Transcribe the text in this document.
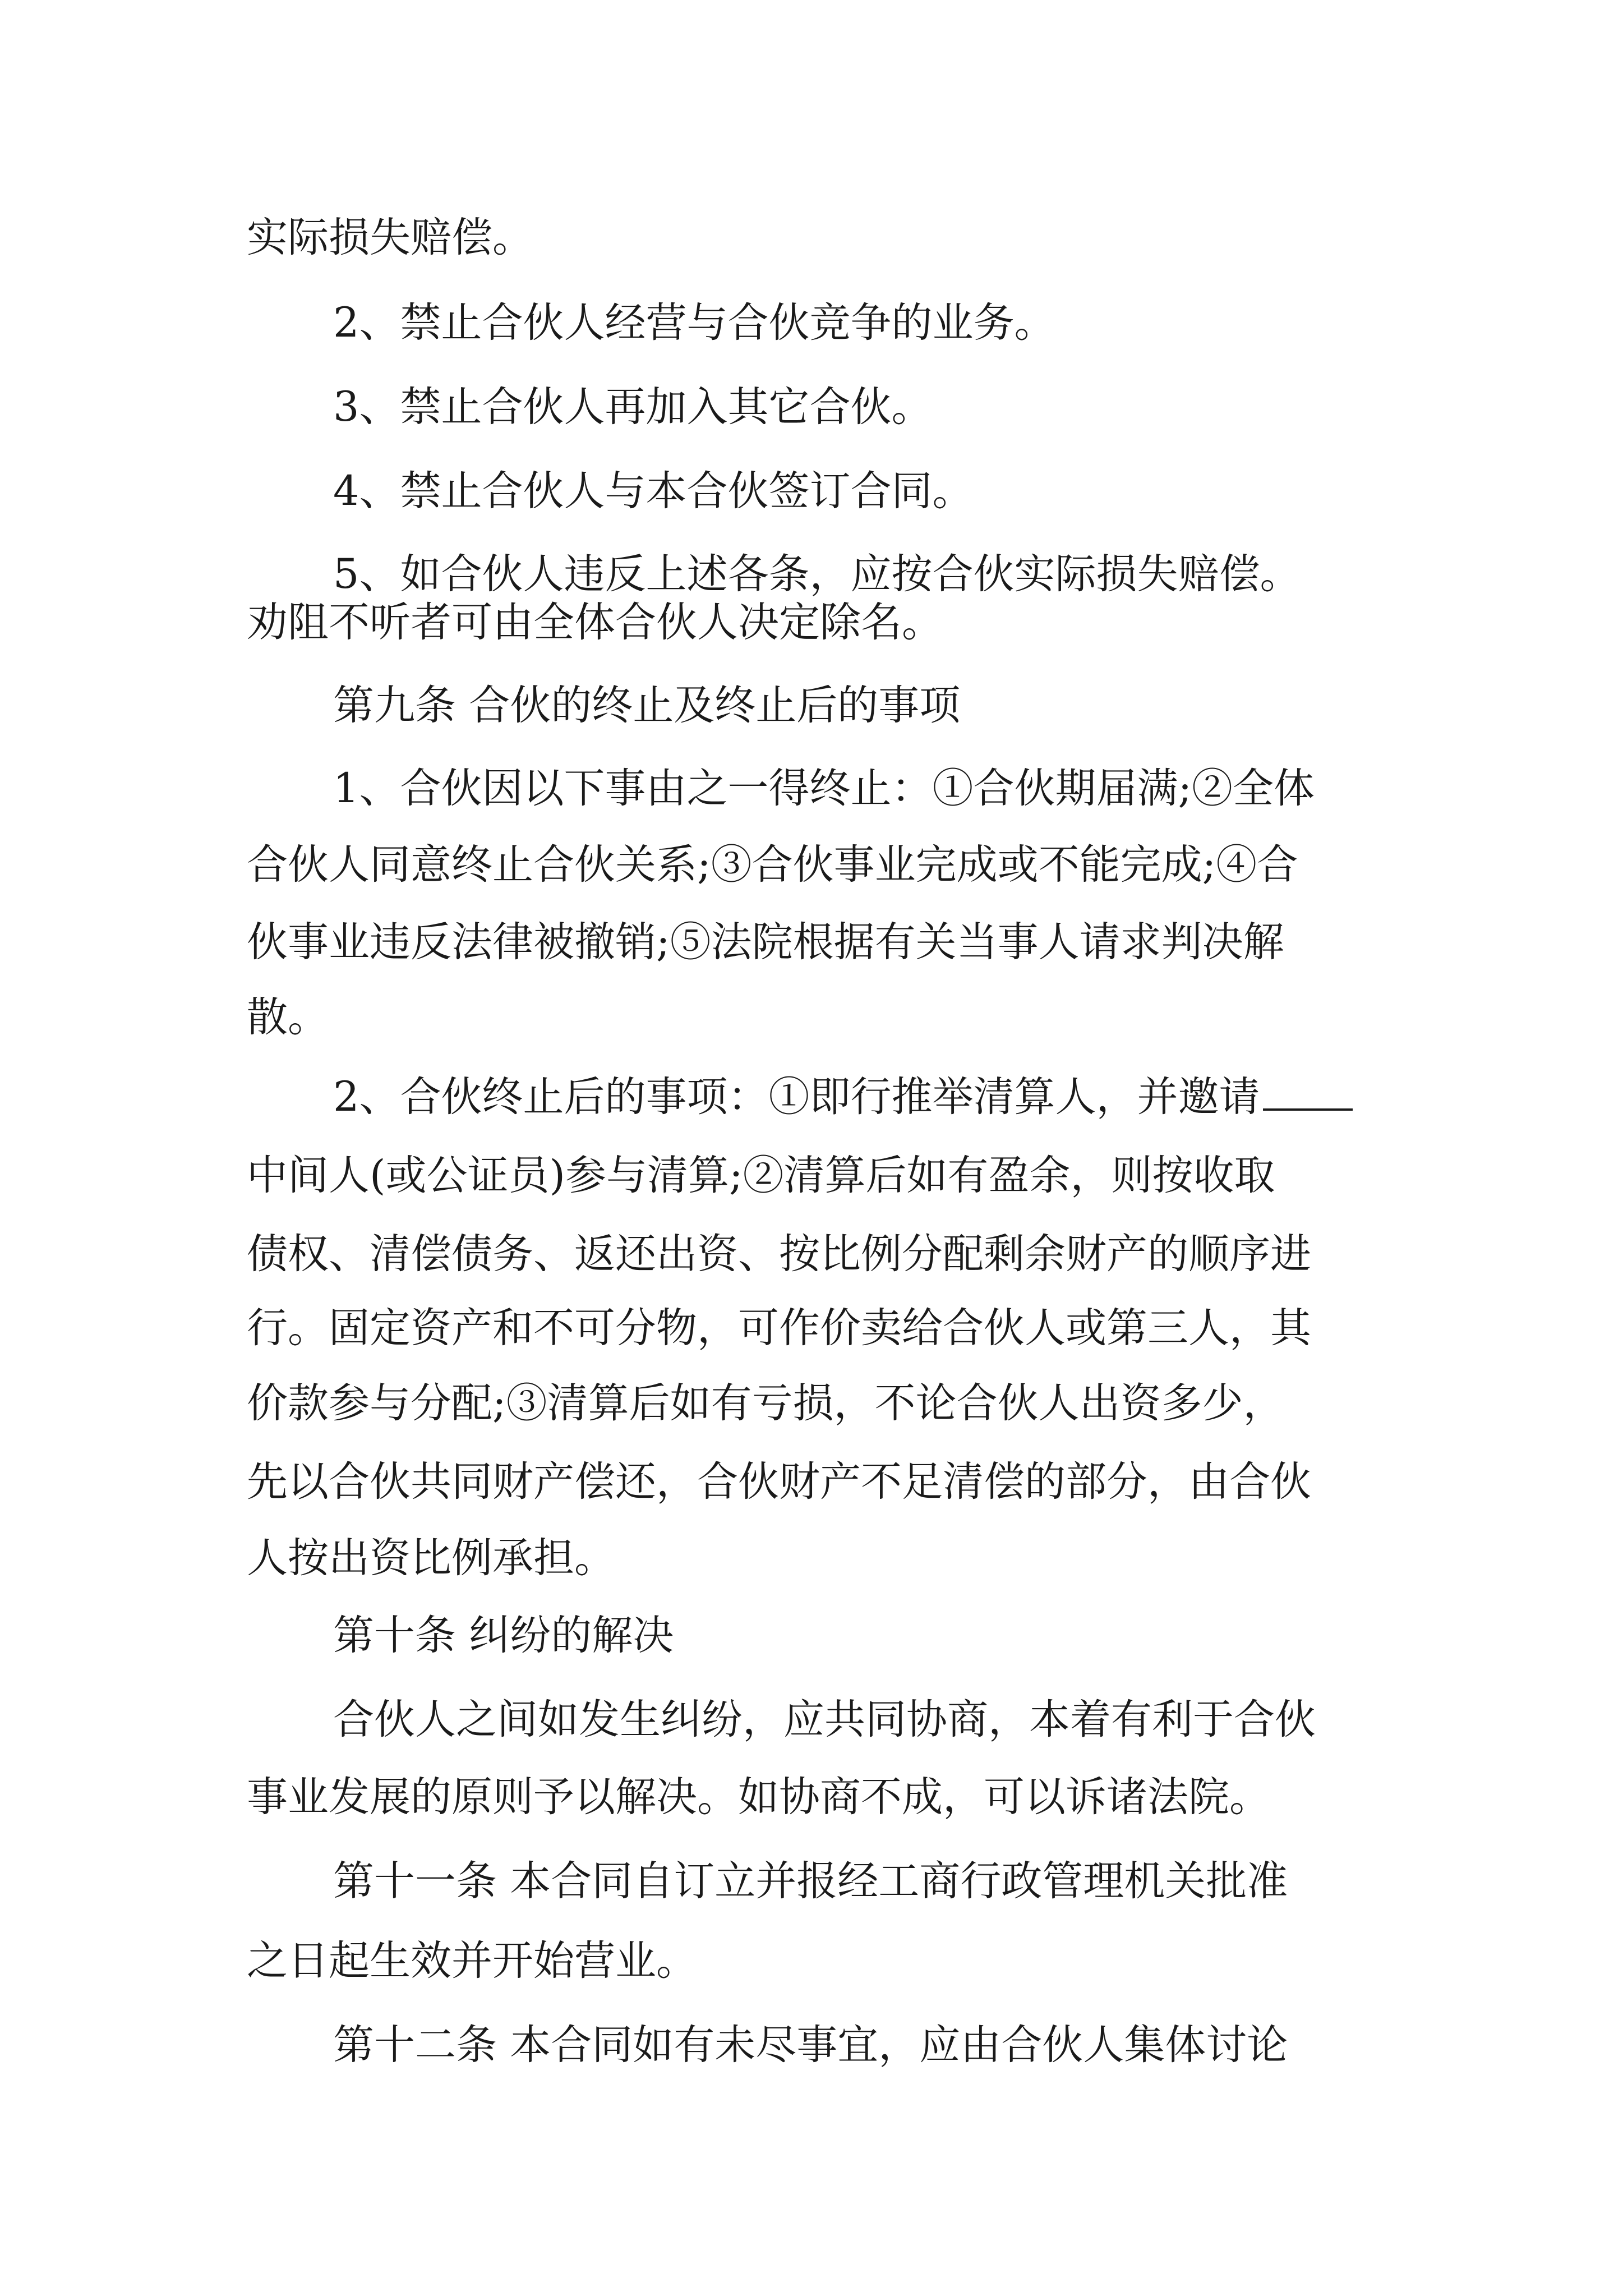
实际损失赔偿。
2、禁止合伙人经营与合伙竞争的业务。
3、禁止合伙人再加入其它合伙。
4、禁止合伙人与本合伙签订合同。
5、如合伙人违反上述各条，应按合伙实际损失赔偿。
劝阻不听者可由全体合伙人决定除名。
第九条 合伙的终止及终止后的事项
1、合伙因以下事由之一得终止：①合伙期届满;②全体
合伙人同意终止合伙关系;③合伙事业完成或不能完成;④合
伙事业违反法律被撤销;⑤法院根据有关当事人请求判决解
散。
2、合伙终止后的事项：①即行推举清算人，并邀请
中间人(或公证员)参与清算;②清算后如有盈余，则按收取
债权、清偿债务、返还出资、按比例分配剩余财产的顺序进
行。固定资产和不可分物，可作价卖给合伙人或第三人，其
价款参与分配;③清算后如有亏损，不论合伙人出资多少，
先以合伙共同财产偿还，合伙财产不足清偿的部分，由合伙
人按出资比例承担。
第十条 纠纷的解决
合伙人之间如发生纠纷，应共同协商，本着有利于合伙
事业发展的原则予以解决。如协商不成，可以诉诸法院。
第十一条 本合同自订立并报经工商行政管理机关批准
之日起生效并开始营业。
第十二条 本合同如有未尽事宜，应由合伙人集体讨论
